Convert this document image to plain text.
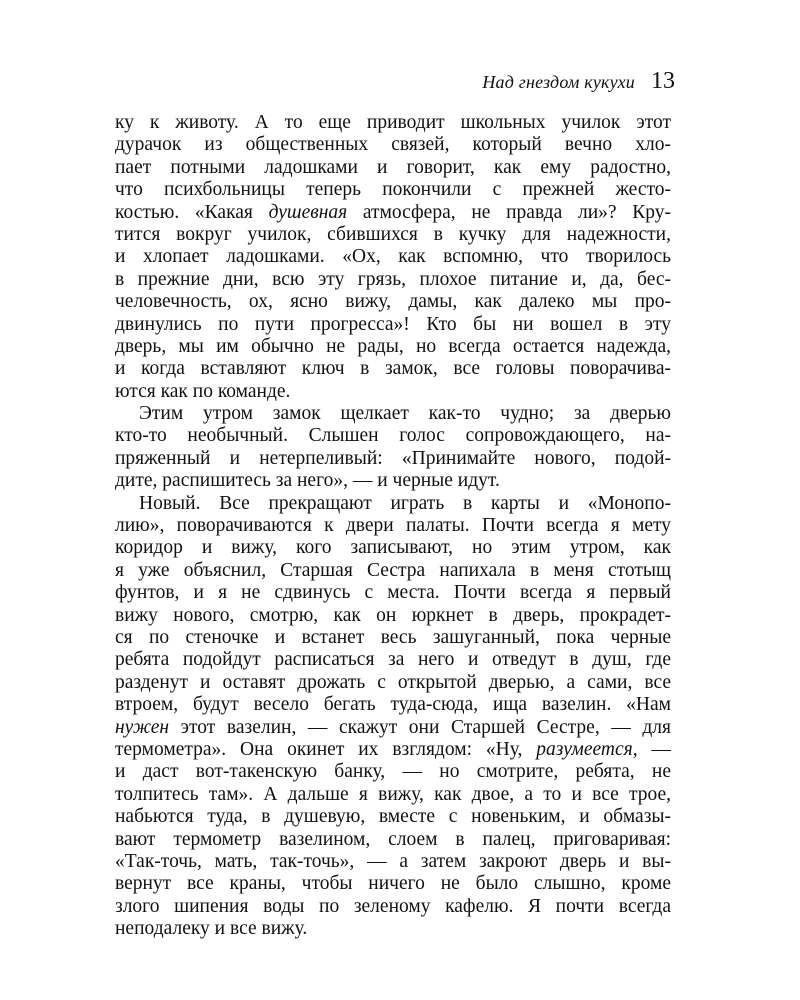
Над гнездом кукухи 13
ку к животу. А то еще приводит школьных училок этот
дурачок из общественных связей, который вечно хло-
пает потными ладошками и говорит, как ему радостно,
что психбольницы теперь покончили с прежней жесто-
костью. «Какая душевная атмосфера, не правда ли»? Кру-
тится вокруг училок, сбившихся в кучку для надежности,
и хлопает ладошками. «Ох, как вспомню, что творилось
в прежние дни, всю эту грязь, плохое питание и, да, бес-
человечность, ох, ясно вижу, дамы, как далеко мы про-
двинулись по пути прогресса»! Кто бы ни вошел в эту
дверь, мы им обычно не рады, но всегда остается надежда,
и когда вставляют ключ в замок, все головы поворачива-
ются как по команде.
Этим утром замок щелкает как-то чудно; за дверью
кто-то необычный. Слышен голос сопровождающего, на-
пряженный и нетерпеливый: «Принимайте нового, подой-
дите, распишитесь за него», — и черные идут.
Новый. Все прекращают играть в карты и «Монопо-
лию», поворачиваются к двери палаты. Почти всегда я мету
коридор и вижу, кого записывают, но этим утром, как
я уже объяснил, Старшая Сестра напихала в меня стотыщ
фунтов, и я не сдвинусь с места. Почти всегда я первый
вижу нового, смотрю, как он юркнет в дверь, прокрадет-
ся по стеночке и встанет весь зашуганный, пока черные
ребята подойдут расписаться за него и отведут в душ, где
разденут и оставят дрожать с открытой дверью, а сами, все
втроем, будут весело бегать туда-сюда, ища вазелин. «Нам
нужен этот вазелин, — скажут они Старшей Сестре, — для
термометра». Она окинет их взглядом: «Ну, разумеется, —
и даст вот-такенскую банку, — но смотрите, ребята, не
толпитесь там». А дальше я вижу, как двое, а то и все трое,
набьются туда, в душевую, вместе с новеньким, и обмазы-
вают термометр вазелином, слоем в палец, приговаривая:
«Так-точь, мать, так-точь», — а затем закроют дверь и вы-
вернут все краны, чтобы ничего не было слышно, кроме
злого шипения воды по зеленому кафелю. Я почти всегда
неподалеку и все вижу.
